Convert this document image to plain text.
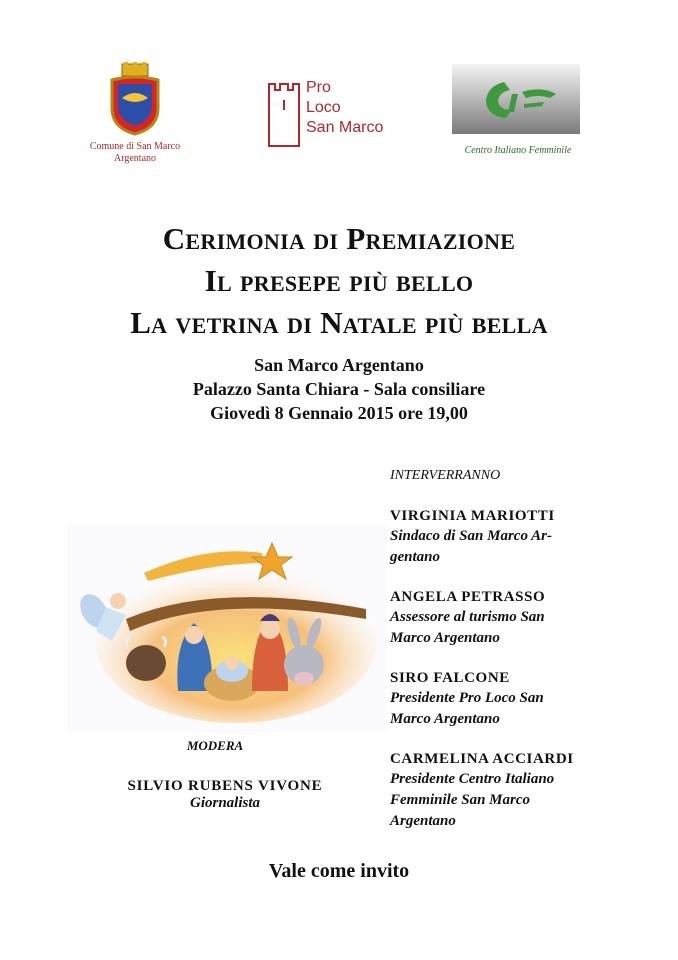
Comune di San Marco
Argentano
Pro
Loco
San Marco
Centro Italiano Femminile
Cerimonia di Premiazione
Il presepe più bello
La vetrina di Natale più bella
San Marco Argentano
Palazzo Santa Chiara - Sala consiliare
Giovedì 8 Gennaio 2015 ore 19,00
INTERVERRANNO
VIRGINIA MARIOTTI
Sindaco di San Marco Ar-
gentano
ANGELA PETRASSO
Assessore al turismo San
Marco Argentano
SIRO FALCONE
Presidente Pro Loco San
Marco Argentano
CARMELINA ACCIARDI
Presidente Centro Italiano
Femminile San Marco
Argentano
MODERA
SILVIO RUBENS VIVONE
Giornalista
Vale come invito
